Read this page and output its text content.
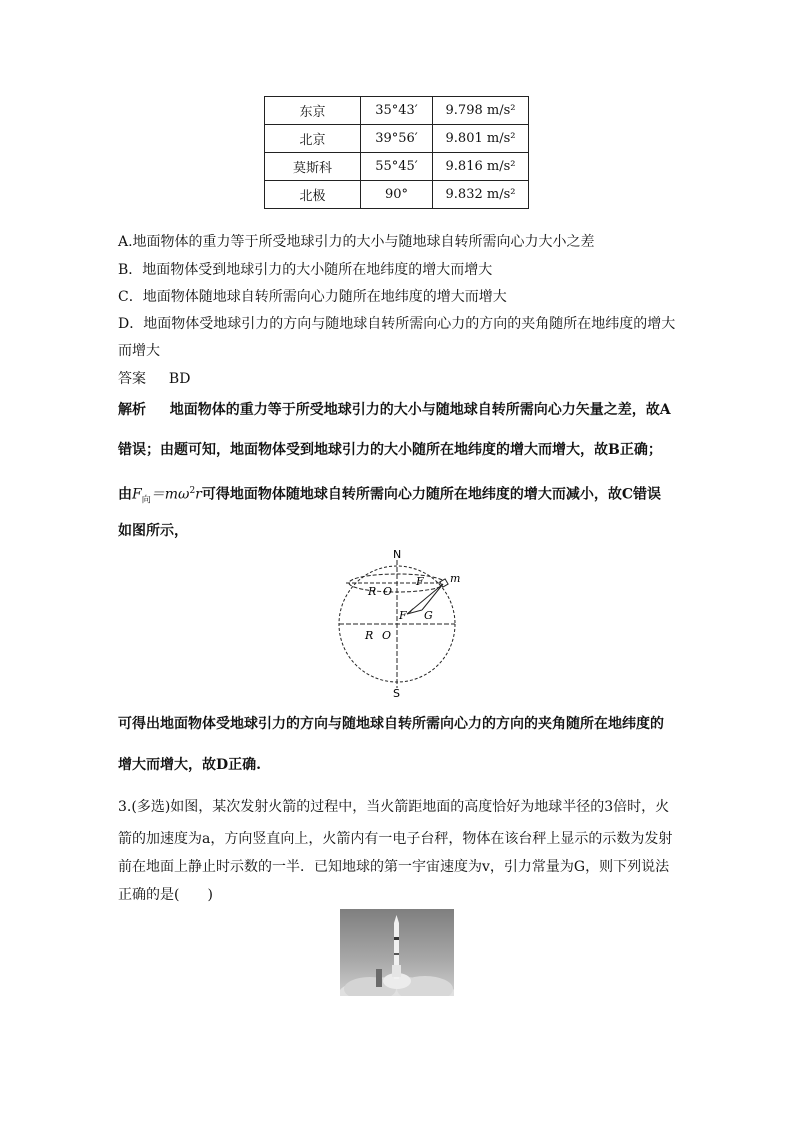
东京	35°43′	9.798 m/s²
北京	39°56′	9.801 m/s²
莫斯科	55°45′	9.816 m/s²
北极	90°	9.832 m/s²
A.地面物体的重力等于所受地球引力的大小与随地球自转所需向心力大小之差
B．地面物体受到地球引力的大小随所在地纬度的增大而增大
C．地面物体随地球自转所需向心力随所在地纬度的增大而增大
D．地面物体受地球引力的方向与随地球自转所需向心力的方向的夹角随所在地纬度的增大
而增大
答案 BD
解析 地面物体的重力等于所受地球引力的大小与随地球自转所需向心力矢量之差，故A
错误；由题可知，地面物体受到地球引力的大小随所在地纬度的增大而增大，故B正确；
由$F_向=m\omega^2r$可得地面物体随地球自转所需向心力随所在地纬度的增大而减小，故C错误
如图所示，
N
S
m
F
F G
R O
R O
可得出地面物体受地球引力的方向与随地球自转所需向心力的方向的夹角随所在地纬度的
增大而增大，故D正确.
3.(多选)如图，某次发射火箭的过程中，当火箭距地面的高度恰好为地球半径的3倍时，火
箭的加速度为a，方向竖直向上，火箭内有一电子台秤，物体在该台秤上显示的示数为发射
前在地面上静止时示数的一半．已知地球的第一宇宙速度为v，引力常量为G，则下列说法
正确的是(　　)
